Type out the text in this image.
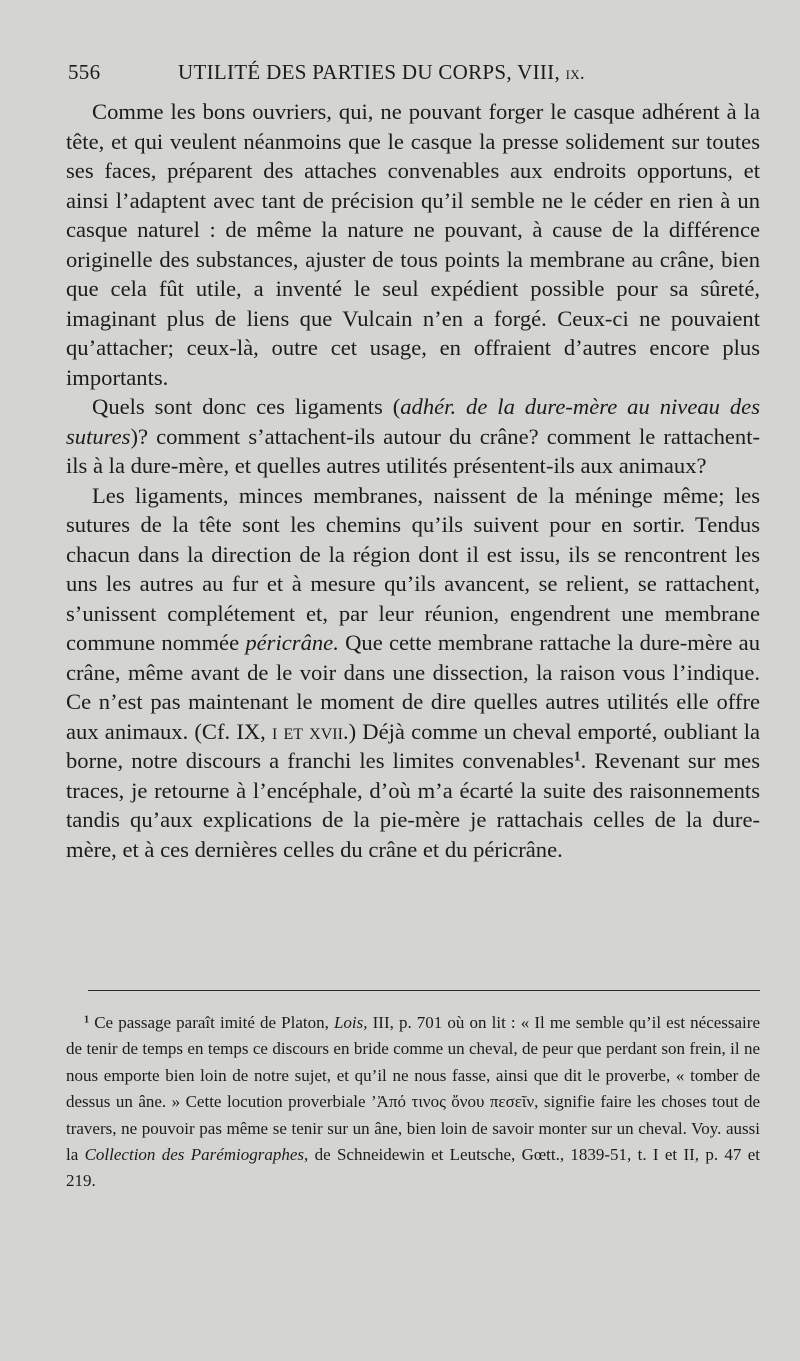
556	UTILITÉ DES PARTIES DU CORPS, VIII, ix.

Comme les bons ouvriers, qui, ne pouvant forger le casque adhérent à la tête, et qui veulent néanmoins que le casque la presse solidement sur toutes ses faces, préparent des attaches convenables aux endroits opportuns, et ainsi l’adaptent avec tant de précision qu’il semble ne le céder en rien à un casque naturel : de même la nature ne pouvant, à cause de la différence originelle des substances, ajuster de tous points la membrane au crâne, bien que cela fût utile, a inventé le seul expédient possible pour sa sûreté, imaginant plus de liens que Vulcain n’en a forgé. Ceux-ci ne pouvaient qu’attacher; ceux-là, outre cet usage, en offraient d’autres encore plus importants.

Quels sont donc ces ligaments (adhér. de la dure-mère au niveau des sutures)? comment s’attachent-ils autour du crâne? comment le rattachent-ils à la dure-mère, et quelles autres utilités présentent-ils aux animaux?

Les ligaments, minces membranes, naissent de la méninge même; les sutures de la tête sont les chemins qu’ils suivent pour en sortir. Tendus chacun dans la direction de la région dont il est issu, ils se rencontrent les uns les autres au fur et à mesure qu’ils avancent, se relient, se rattachent, s’unissent complétement et, par leur réunion, engendrent une membrane commune nommée péricrâne. Que cette membrane rattache la dure-mère au crâne, même avant de le voir dans une dissection, la raison vous l’indique. Ce n’est pas maintenant le moment de dire quelles autres utilités elle offre aux animaux. (Cf. IX, i et xvii.) Déjà comme un cheval emporté, oubliant la borne, notre discours a franchi les limites convenables$^1$. Revenant sur mes traces, je retourne à l’encéphale, d’où m’a écarté la suite des raisonnements tandis qu’aux explications de la pie-mère je rattachais celles de la dure-mère, et à ces dernières celles du crâne et du péricrâne.

$^1$ Ce passage paraît imité de Platon, Lois, III, p. 701 où on lit : « Il me semble qu’il est nécessaire de tenir de temps en temps ce discours en bride comme un cheval, de peur que perdant son frein, il ne nous emporte bien loin de notre sujet, et qu’il ne nous fasse, ainsi que dit le proverbe, « tomber de dessus un âne. » Cette locution proverbiale ’Ἀπό τινος ὄνου πεσεῖν, signifie faire les choses tout de travers, ne pouvoir pas même se tenir sur un âne, bien loin de savoir monter sur un cheval. Voy. aussi la Collection des Parémiographes, de Schneidewin et Leutsche, Gœtt., 1839-51, t. I et II, p. 47 et 219.
